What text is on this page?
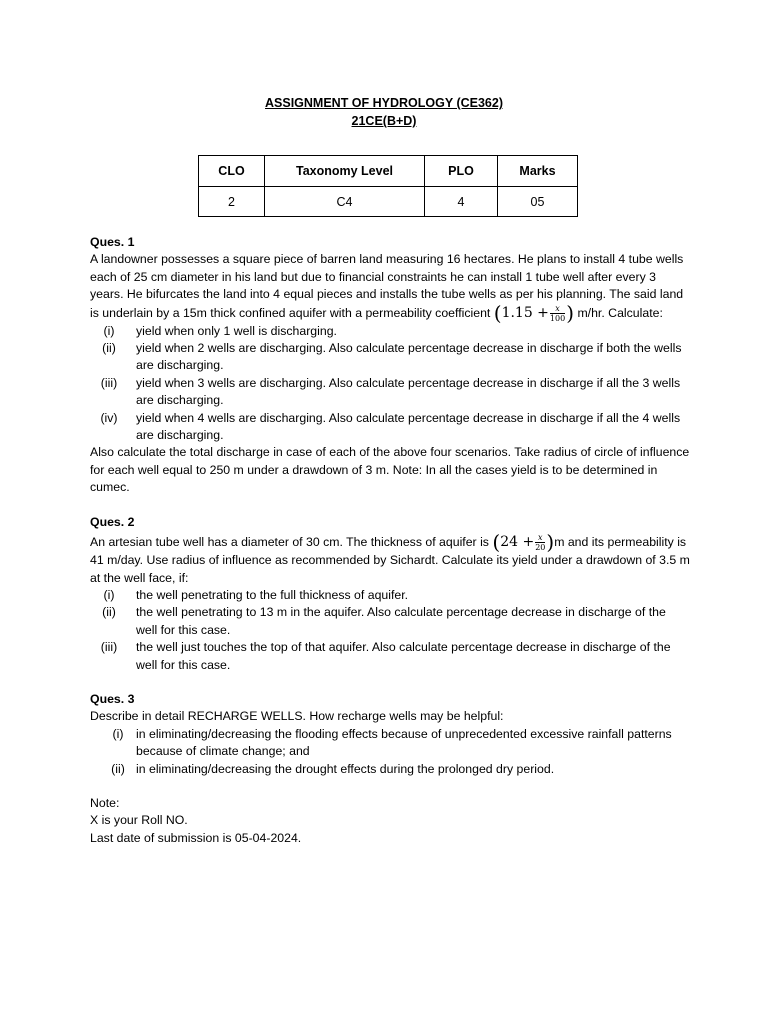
ASSIGNMENT OF HYDROLOGY (CE362)
21CE(B+D)
CLO	Taxonomy Level	PLO	Marks
2	C4	4	05
Ques. 1

A landowner possesses a square piece of barren land measuring 16 hectares. He plans to install 4 tube wells each of 25 cm diameter in his land but due to financial constraints he can install 1 tube well after every 3 years. He bifurcates the land into 4 equal pieces and installs the tube wells as per his planning. The said land is underlain by a 15m thick confined aquifer with a permeability coefficient ($1.15 + \frac{x}{100}$ ) m/hr. Calculate:

(i)	yield when only 1 well is discharging.
(ii)	yield when 2 wells are discharging. Also calculate percentage decrease in discharge if both the wells are discharging.
(iii)	yield when 3 wells are discharging. Also calculate percentage decrease in discharge if all the 3 wells are discharging.
(iv)	yield when 4 wells are discharging. Also calculate percentage decrease in discharge if all the 4 wells are discharging.

Also calculate the total discharge in case of each of the above four scenarios. Take radius of circle of influence for each well equal to 250 m under a drawdown of 3 m. Note: In all the cases yield is to be determined in cumec.

Ques. 2

An artesian tube well has a diameter of 30 cm. The thickness of aquifer is $(24 + \frac{x}{20} )m$ and its permeability is 41 m/day. Use radius of influence as recommended by Sichardt. Calculate its yield under a drawdown of 3.5 m at the well face, if:

(i)	the well penetrating to the full thickness of aquifer.
(ii)	the well penetrating to 13 m in the aquifer. Also calculate percentage decrease in discharge of the well for this case.
(iii)	the well just touches the top of that aquifer. Also calculate percentage decrease in discharge of the well for this case.
Ques. 3

Describe in detail RECHARGE WELLS. How recharge wells may be helpful:

(i)	in eliminating/decreasing the flooding effects because of unprecedented excessive rainfall patterns because of climate change; and
(ii) in eliminating/decreasing the drought effects during the prolonged dry period.
Note:
X is your Roll NO.
Last date of submission is 05-04-2024.
